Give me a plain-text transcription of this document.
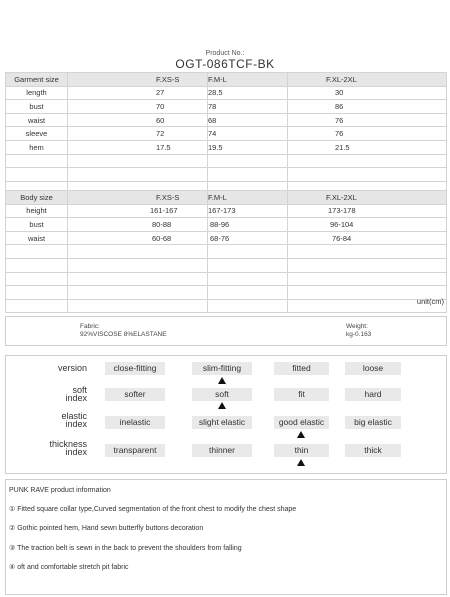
Product No.:
OGT-086TCF-BK
Garment size	F.XS-S	F.M-L	F.XL-2XL
length	27	28.5	30
bust	70	78	86
waist	60	68	76
sleeve	72	74	76
hem	17.5	19.5	21.5

Body size	F.XS-S	F.M-L	F.XL-2XL
height	161-167	167-173	173-178
bust	80-88	88-96	96-104
waist	60-68	68-76	76-84

unit(cm)
Fabric:
92%VISCOSE 8%ELASTANE
Weight:
kg-0.163
version	close-fitting	slim-fitting	fitted	loose
soft
index	softer	soft	fit	hard
elastic
index	inelastic	slight elastic	good elastic	big elastic
thickness
index	transparent	thinner	thin	thick
PUNK RAVE product information
① Fitted square collar type,Curved segmentation of the front chest to modify the chest shape
② Gothic pointed hem, Hand sewn butterfly buttons decoration
③ The traction belt is sewn in the back to prevent the shoulders from falling
④ oft and comfortable stretch pit fabric
